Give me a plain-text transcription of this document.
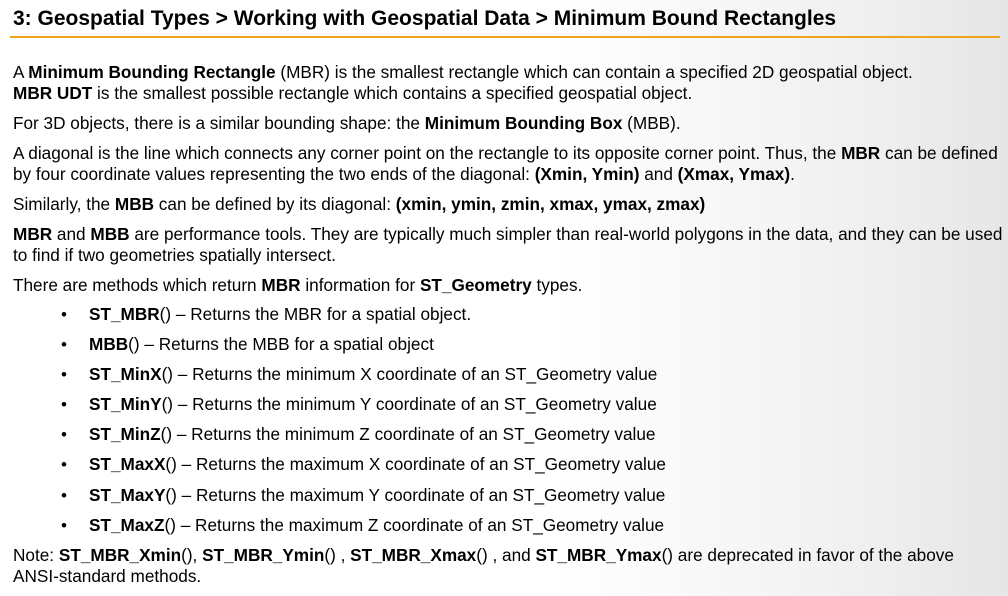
3: Geospatial Types > Working with Geospatial Data > Minimum Bound Rectangles

A Minimum Bounding Rectangle (MBR) is the smallest rectangle which can contain a specified 2D geospatial object.
MBR UDT is the smallest possible rectangle which contains a specified geospatial object.

For 3D objects, there is a similar bounding shape: the Minimum Bounding Box (MBB).

A diagonal is the line which connects any corner point on the rectangle to its opposite corner point. Thus, the MBR can be defined by four coordinate values representing the two ends of the diagonal: (Xmin, Ymin) and (Xmax, Ymax).

Similarly, the MBB can be defined by its diagonal: (xmin, ymin, zmin, xmax, ymax, zmax)

MBR and MBB are performance tools. They are typically much simpler than real-world polygons in the data, and they can be used to find if two geometries spatially intersect.

There are methods which return MBR information for ST_Geometry types.

• ST_MBR() – Returns the MBR for a spatial object.
• MBB() – Returns the MBB for a spatial object
• ST_MinX() – Returns the minimum X coordinate of an ST_Geometry value
• ST_MinY() – Returns the minimum Y coordinate of an ST_Geometry value
• ST_MinZ() – Returns the minimum Z coordinate of an ST_Geometry value
• ST_MaxX() – Returns the maximum X coordinate of an ST_Geometry value
• ST_MaxY() – Returns the maximum Y coordinate of an ST_Geometry value
• ST_MaxZ() – Returns the maximum Z coordinate of an ST_Geometry value

Note: ST_MBR_Xmin(), ST_MBR_Ymin() , ST_MBR_Xmax() , and ST_MBR_Ymax() are deprecated in favor of the above ANSI-standard methods.
